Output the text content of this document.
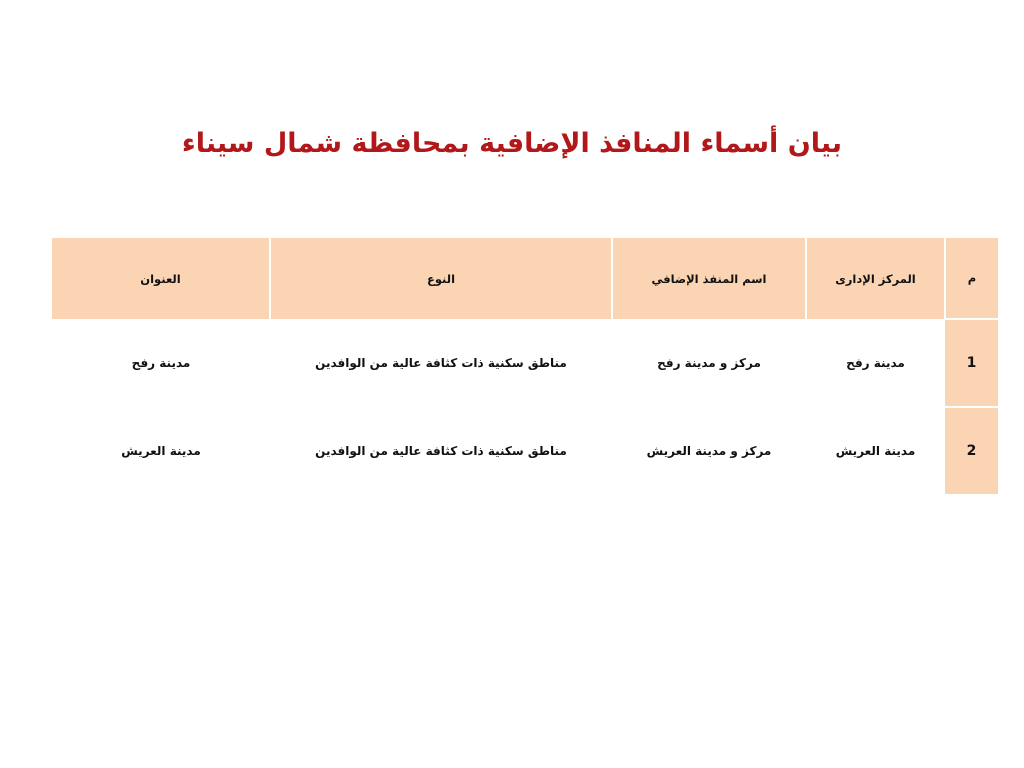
بيان أسماء المنافذ الإضافية بمحافظة شمال سيناء
م	المركز الإدارى	اسم المنفذ الإضافي	النوع	العنوان
1	مدينة رفح	مركز و مدينة رفح	مناطق سكنية ذات كثافة عالية من الوافدين	مدينة رفح
2	مدينة العريش	مركز و مدينة العريش	مناطق سكنية ذات كثافة عالية من الوافدين	مدينة العريش
